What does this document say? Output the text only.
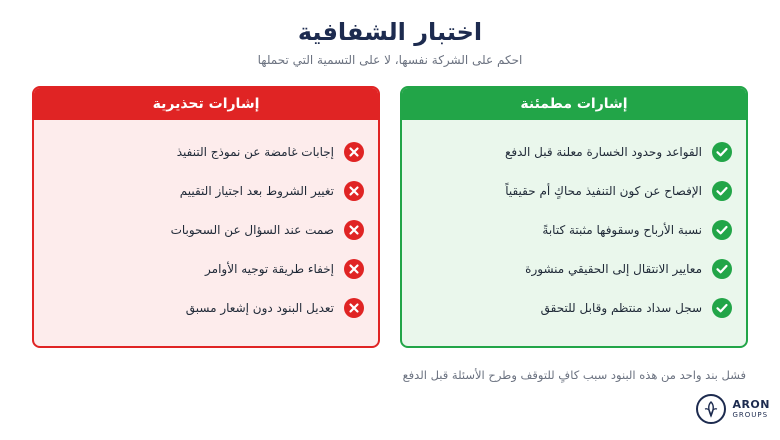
اختبار الشفافية
احكم على الشركة نفسها، لا على التسمية التي تحملها
إشارات تحذيرية
إجابات غامضة عن نموذج التنفيذ
تغيير الشروط بعد اجتياز التقييم
صمت عند السؤال عن السحوبات
إخفاء طريقة توجيه الأوامر
تعديل البنود دون إشعار مسبق
إشارات مطمئنة
القواعد وحدود الخسارة معلنة قبل الدفع
الإفصاح عن كون التنفيذ محاكٍ أم حقيقياً
نسبة الأرباح وسقوفها مثبتة كتابةً
معايير الانتقال إلى الحقيقي منشورة
سجل سداد منتظم وقابل للتحقق
فشل بند واحد من هذه البنود سبب كافٍ للتوقف وطرح الأسئلة قبل الدفع
ARON
GROUPS
